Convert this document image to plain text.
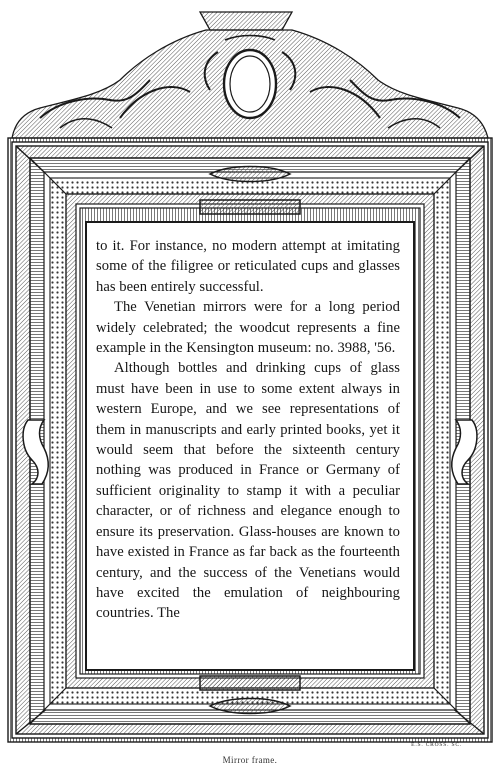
to it. For instance, no modern attempt at imitating some of the filigree or reticulated cups and glasses has been entirely successful.

The Venetian mirrors were for a long period widely celebrated; the woodcut represents a fine example in the Kensington museum: no. 3988, '56.

Although bottles and drinking cups of glass must have been in use to some extent always in western Europe, and we see representations of them in manuscripts and early printed books, yet it would seem that before the sixteenth century nothing was produced in France or Germany of sufficient originality to stamp it with a peculiar character, or of richness and elegance enough to ensure its preservation. Glass-houses are known to have existed in France as far back as the fourteenth century, and the success of the Venetians would have excited the emulation of neighbouring countries. The

E.S. CROSS. SC.
Mirror frame.
